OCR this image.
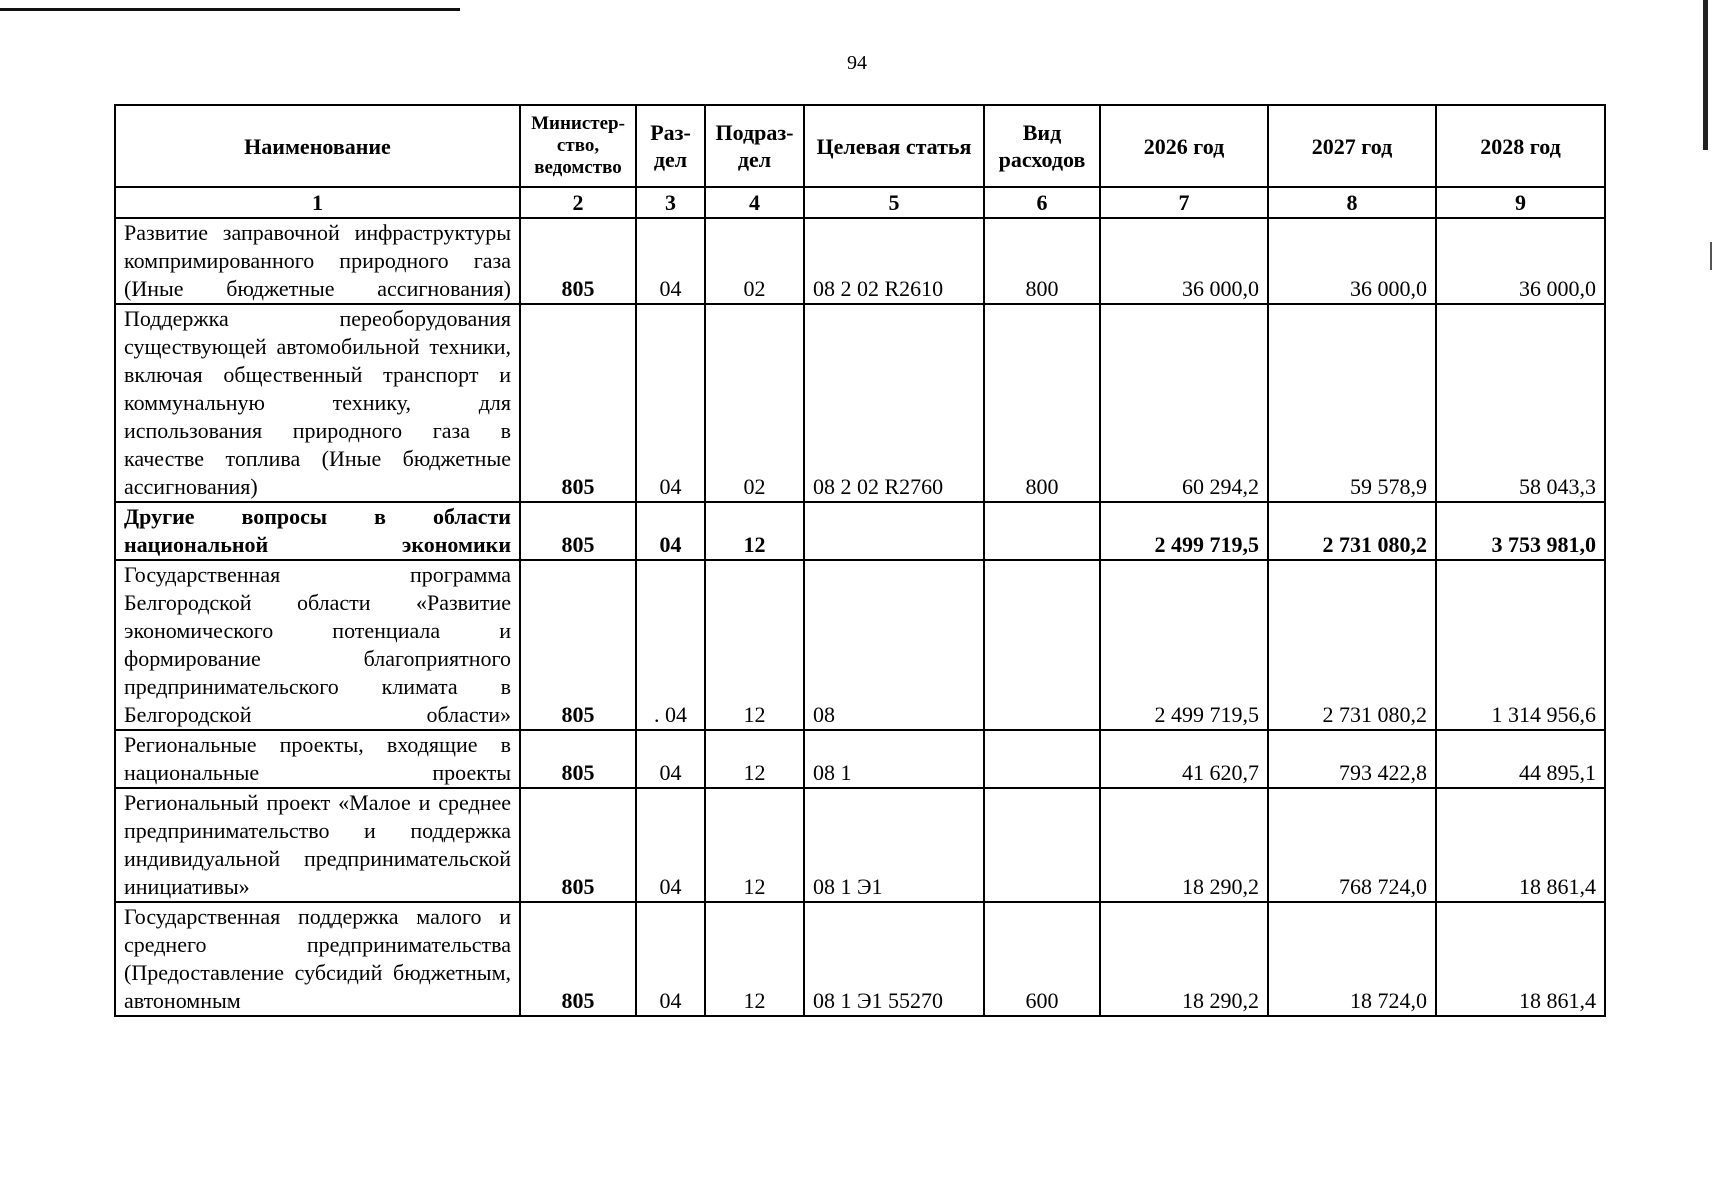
94
Наименование	Министер-ство, ведомство	Раз-дел	Подраз-дел	Целевая статья	Вид расходов	2026 год	2027 год	2028 год
1	2	3	4	5	6	7	8	9
Развитие заправочной инфраструктуры компримированного природного газа (Иные бюджетные ассигнования)	805	04	02	08 2 02 R2610	800	36 000,0	36 000,0	36 000,0
Поддержка переоборудования существующей автомобильной техники, включая общественный транспорт и коммунальную технику, для использования природного газа в качестве топлива (Иные бюджетные ассигнования)	805	04	02	08 2 02 R2760	800	60 294,2	59 578,9	58 043,3
Другие вопросы в области национальной экономики	805	04	12			2 499 719,5	2 731 080,2	3 753 981,0
Государственная программа Белгородской области «Развитие экономического потенциала и формирование благоприятного предпринимательского климата в Белгородской области»	805	. 04	12	08		2 499 719,5	2 731 080,2	1 314 956,6
Региональные проекты, входящие в национальные проекты	805	04	12	08 1		41 620,7	793 422,8	44 895,1
Региональный проект «Малое и среднее предпринимательство и поддержка индивидуальной предпринимательской инициативы»	805	04	12	08 1 Э1		18 290,2	768 724,0	18 861,4
Государственная поддержка малого и среднего предпринимательства (Предоставление субсидий бюджетным, автономным	805	04	12	08 1 Э1 55270	600	18 290,2	18 724,0	18 861,4
